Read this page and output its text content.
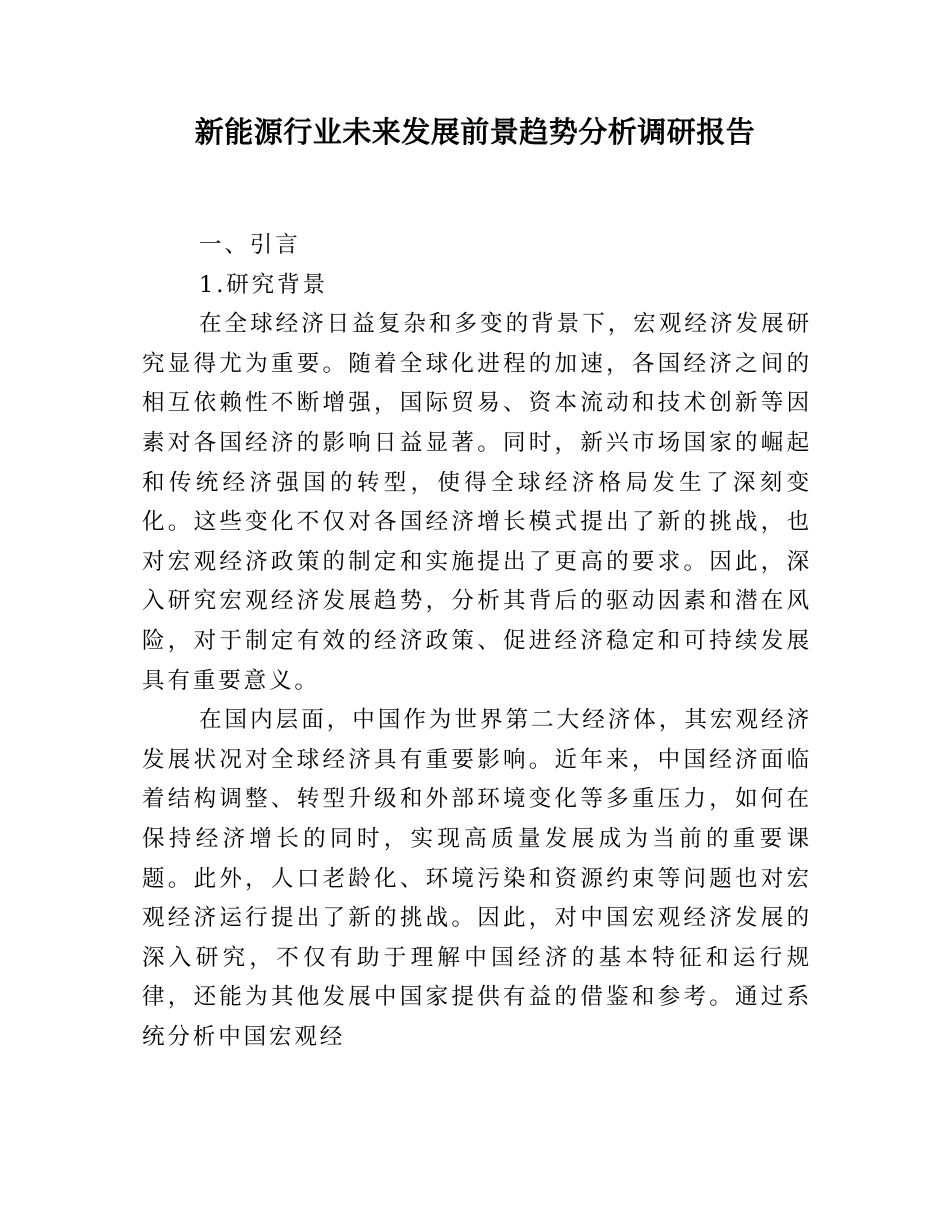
新能源行业未来发展前景趋势分析调研报告
一、引言
1.研究背景

在全球经济日益复杂和多变的背景下，宏观经济发展研究显得尤为重要。随着全球化进程的加速，各国经济之间的相互依赖性不断增强，国际贸易、资本流动和技术创新等因素对各国经济的影响日益显著。同时，新兴市场国家的崛起和传统经济强国的转型，使得全球经济格局发生了深刻变化。这些变化不仅对各国经济增长模式提出了新的挑战，也对宏观经济政策的制定和实施提出了更高的要求。因此，深入研究宏观经济发展趋势，分析其背后的驱动因素和潜在风险，对于制定有效的经济政策、促进经济稳定和可持续发展具有重要意义。

在国内层面，中国作为世界第二大经济体，其宏观经济发展状况对全球经济具有重要影响。近年来，中国经济面临着结构调整、转型升级和外部环境变化等多重压力，如何在保持经济增长的同时，实现高质量发展成为当前的重要课题。此外，人口老龄化、环境污染和资源约束等问题也对宏观经济运行提出了新的挑战。因此，对中国宏观经济发展的深入研究，不仅有助于理解中国经济的基本特征和运行规律，还能为其他发展中国家提供有益的借鉴和参考。通过系统分析中国宏观经
